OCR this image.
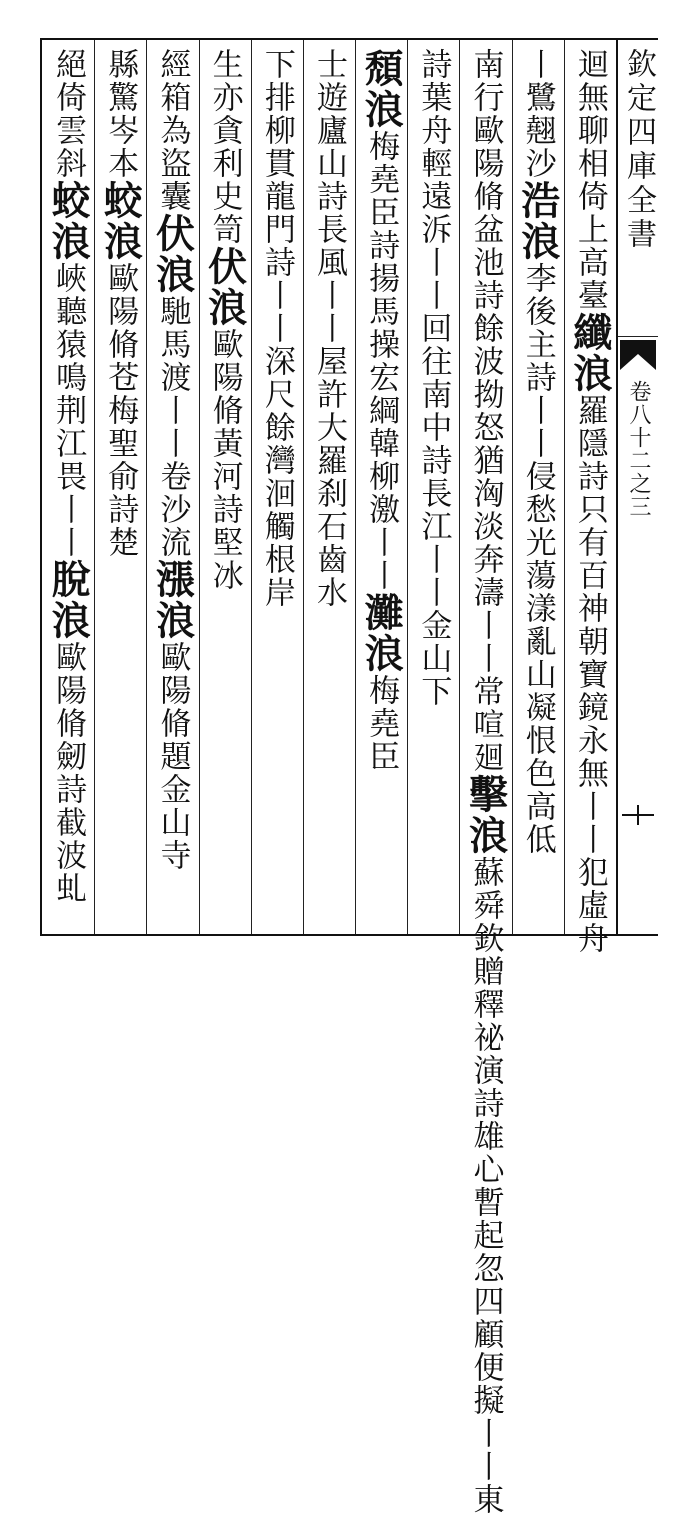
迴無聊相倚上高臺纖浪羅隱詩只有百神朝寶鏡永無丨丨犯虛舟
丨鷺翹沙浩浪李後主詩丨丨侵愁光蕩漾亂山凝恨色高低
南行歐陽脩盆池詩餘波拗怒猶洶淡奔濤丨丨常喧廻擊浪蘇舜欽贈釋祕演詩雄心暫起忽四顧便擬丨丨東
詩葉舟輕遠泝丨丨回往南中詩長江丨丨金山下
頹浪梅堯臣詩揚馬操宏綱韓柳激丨丨灘浪梅堯臣
士遊廬山詩長風丨丨屋許大羅刹石齒水
下排柳貫龍門詩丨丨深尺餘灣洄觸根岸
生亦貪利史笥伏浪歐陽脩黃河詩堅冰
經箱為盜囊伏浪馳馬渡丨丨卷沙流漲浪歐陽脩題金山寺
縣驚岑本蛟浪歐陽脩苍梅聖俞詩楚
絕倚雲斜蛟浪峽聽猿鳴荆江畏丨丨脫浪歐陽脩劒詩截波虬
欽定四庫全書
卷八十二之三
